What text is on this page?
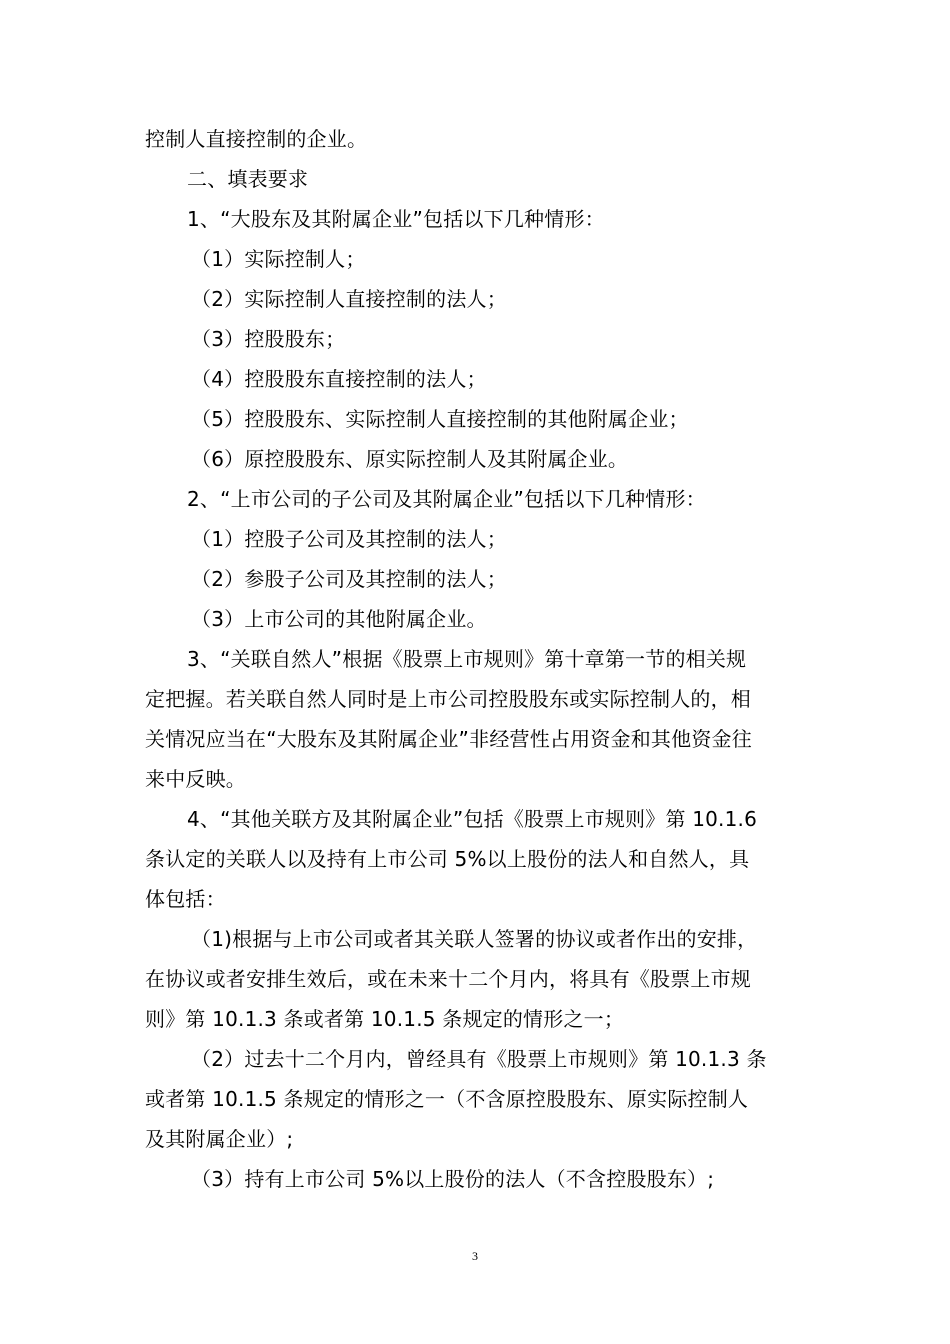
控制人直接控制的企业。
二、填表要求
1、“大股东及其附属企业”包括以下几种情形：
（1）实际控制人；
（2）实际控制人直接控制的法人；
（3）控股股东；
（4）控股股东直接控制的法人；
（5）控股股东、实际控制人直接控制的其他附属企业；
（6）原控股股东、原实际控制人及其附属企业。
2、“上市公司的子公司及其附属企业”包括以下几种情形：
（1）控股子公司及其控制的法人；
（2）参股子公司及其控制的法人；
（3）上市公司的其他附属企业。
3、“关联自然人”根据《股票上市规则》第十章第一节的相关规
定把握。若关联自然人同时是上市公司控股股东或实际控制人的，相
关情况应当在“大股东及其附属企业”非经营性占用资金和其他资金往
来中反映。
4、“其他关联方及其附属企业”包括《股票上市规则》第 10.1.6
条认定的关联人以及持有上市公司 5%以上股份的法人和自然人，具
体包括：
（1)根据与上市公司或者其关联人签署的协议或者作出的安排，
在协议或者安排生效后，或在未来十二个月内，将具有《股票上市规
则》第 10.1.3 条或者第 10.1.5 条规定的情形之一；
（2）过去十二个月内，曾经具有《股票上市规则》第 10.1.3 条
或者第 10.1.5 条规定的情形之一（不含原控股股东、原实际控制人
及其附属企业）;
（3）持有上市公司 5%以上股份的法人（不含控股股东）;
3
